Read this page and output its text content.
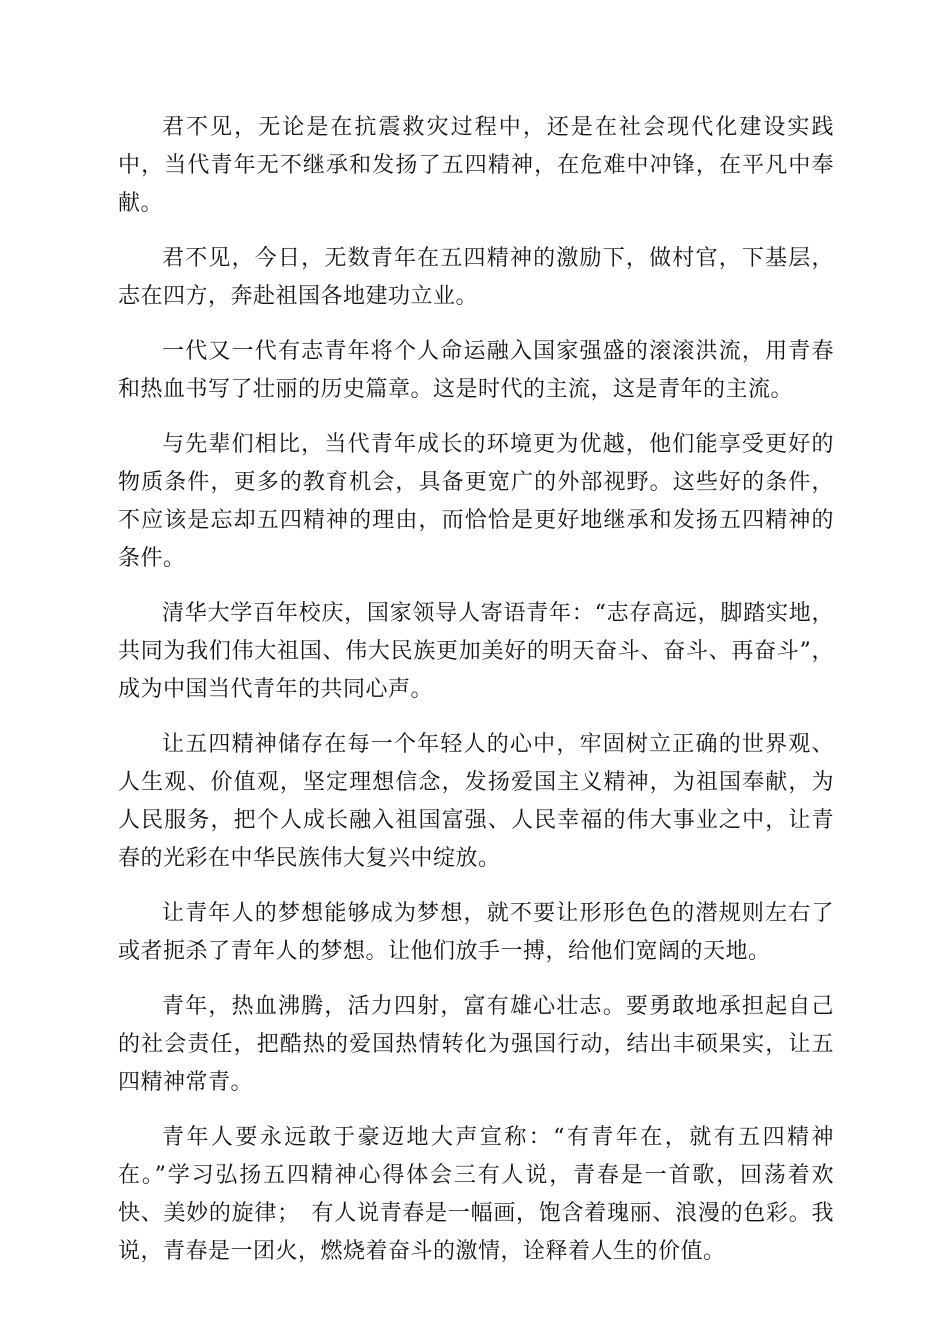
君不见，无论是在抗震救灾过程中，还是在社会现代化建设实践中，当代青年无不继承和发扬了五四精神，在危难中冲锋，在平凡中奉献。

君不见，今日，无数青年在五四精神的激励下，做村官，下基层，志在四方，奔赴祖国各地建功立业。

一代又一代有志青年将个人命运融入国家强盛的滚滚洪流，用青春和热血书写了壮丽的历史篇章。这是时代的主流，这是青年的主流。

与先辈们相比，当代青年成长的环境更为优越，他们能享受更好的物质条件，更多的教育机会，具备更宽广的外部视野。这些好的条件，不应该是忘却五四精神的理由，而恰恰是更好地继承和发扬五四精神的条件。

清华大学百年校庆，国家领导人寄语青年：“志存高远，脚踏实地，共同为我们伟大祖国、伟大民族更加美好的明天奋斗、奋斗、再奋斗”，成为中国当代青年的共同心声。

让五四精神储存在每一个年轻人的心中，牢固树立正确的世界观、人生观、价值观，坚定理想信念，发扬爱国主义精神，为祖国奉献，为人民服务，把个人成长融入祖国富强、人民幸福的伟大事业之中，让青春的光彩在中华民族伟大复兴中绽放。

让青年人的梦想能够成为梦想，就不要让形形色色的潜规则左右了或者扼杀了青年人的梦想。让他们放手一搏，给他们宽阔的天地。

青年，热血沸腾，活力四射，富有雄心壮志。要勇敢地承担起自己的社会责任，把酷热的爱国热情转化为强国行动，结出丰硕果实，让五四精神常青。

青年人要永远敢于豪迈地大声宣称：“有青年在，就有五四精神在。”学习弘扬五四精神心得体会三有人说，青春是一首歌，回荡着欢快、美妙的旋律；　有人说青春是一幅画，饱含着瑰丽、浪漫的色彩。我说，青春是一团火，燃烧着奋斗的激情，诠释着人生的价值。
